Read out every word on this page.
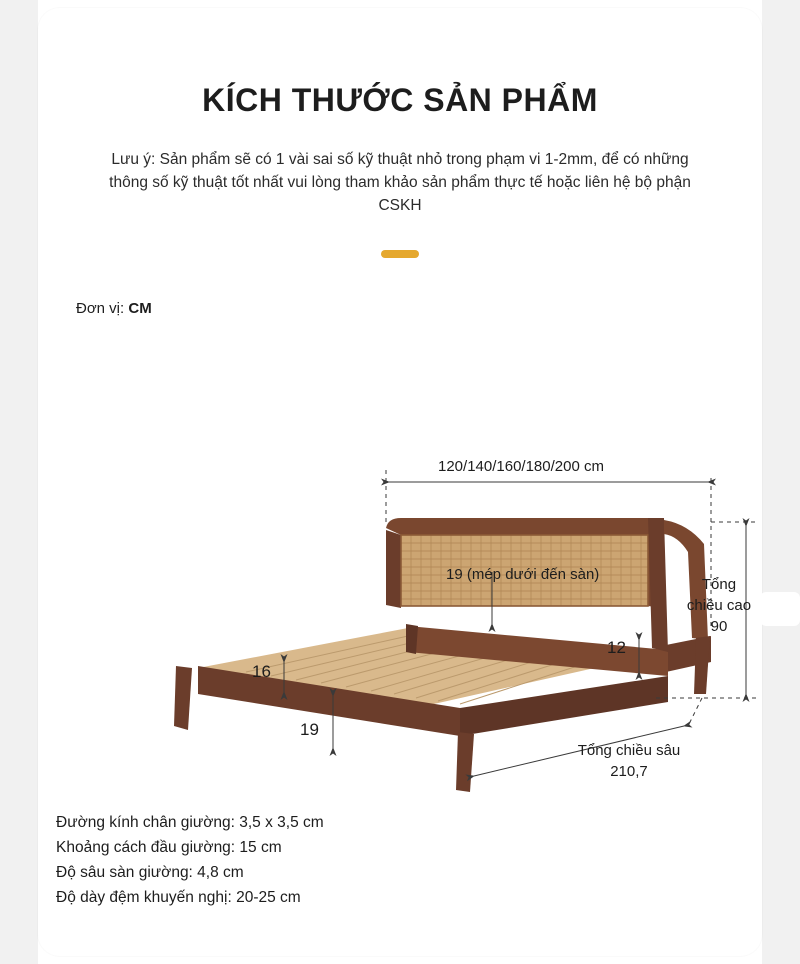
KÍCH THƯỚC SẢN PHẨM
Lưu ý: Sản phẩm sẽ có 1 vài sai số kỹ thuật nhỏ trong phạm vi 1-2mm, để có những thông số kỹ thuật tốt nhất vui lòng tham khảo sản phẩm thực tế hoặc liên hệ bộ phận CSKH
Đơn vị: CM
120/140/160/180/200 cm
19 (mép dưới đến sàn)
Tổng chiều cao 90
12
16
19
Tổng chiều sâu 210,7
Đường kính chân giường: 3,5 x 3,5 cm
Khoảng cách đầu giường: 15 cm
Độ sâu sàn giường: 4,8 cm
Độ dày đệm khuyến nghị: 20-25 cm
